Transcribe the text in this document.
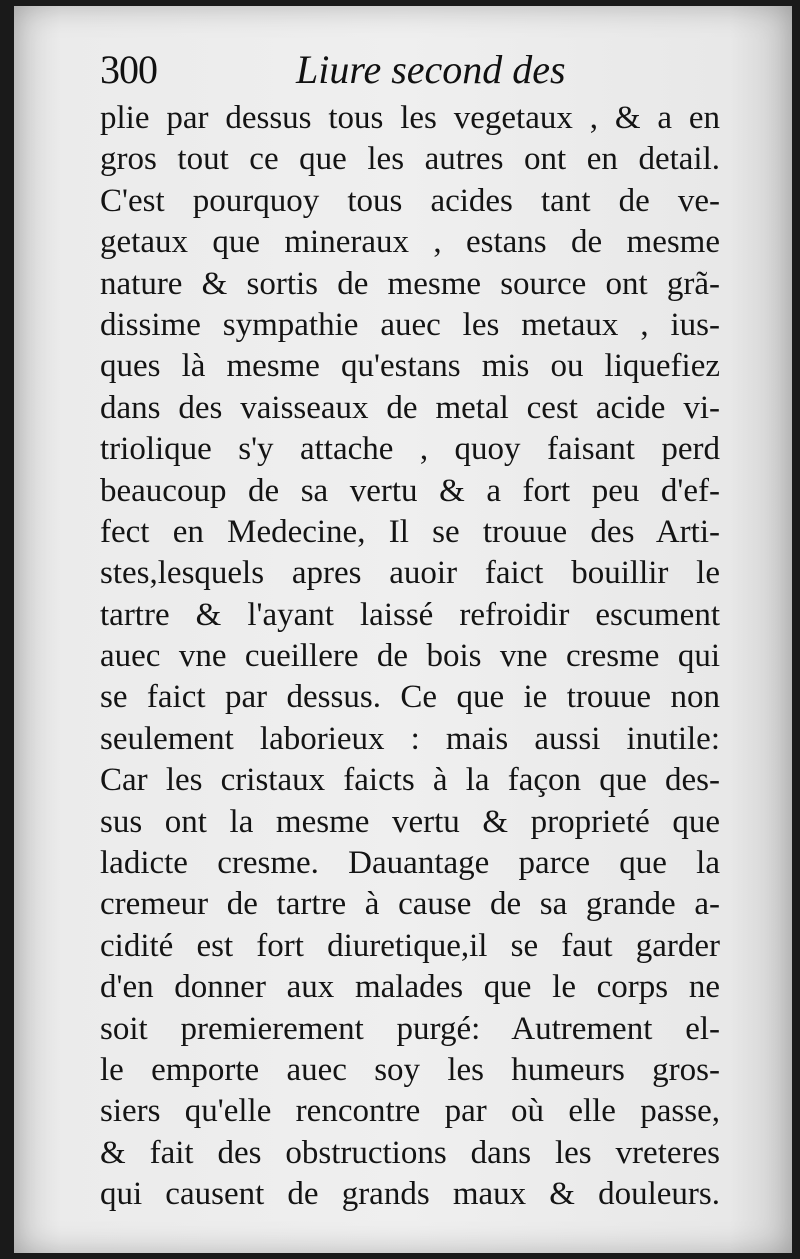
300	Liure second des
plie par dessus tous les vegetaux , & a en
gros tout ce que les autres ont en detail.
C'est pourquoy tous acides tant de ve-
getaux que mineraux , estans de mesme
nature & sortis de mesme source ont grã-
dissime sympathie auec les metaux , ius-
ques là mesme qu'estans mis ou liquefiez
dans des vaisseaux de metal cest acide vi-
triolique s'y attache , quoy faisant perd
beaucoup de sa vertu & a fort peu d'ef-
fect en Medecine, Il se trouue des Arti-
stes,lesquels apres auoir faict bouillir le
tartre & l'ayant laissé refroidir escument
auec vne cueillere de bois vne cresme qui
se faict par dessus. Ce que ie trouue non
seulement laborieux : mais aussi inutile:
Car les cristaux faicts à la façon que des-
sus ont la mesme vertu & proprieté que
ladicte cresme. Dauantage parce que la
cremeur de tartre à cause de sa grande a-
cidité est fort diuretique,il se faut garder
d'en donner aux malades que le corps ne
soit premierement purgé: Autrement el-
le emporte auec soy les humeurs gros-
siers qu'elle rencontre par où elle passe,
& fait des obstructions dans les vreteres
qui causent de grands maux & douleurs.
